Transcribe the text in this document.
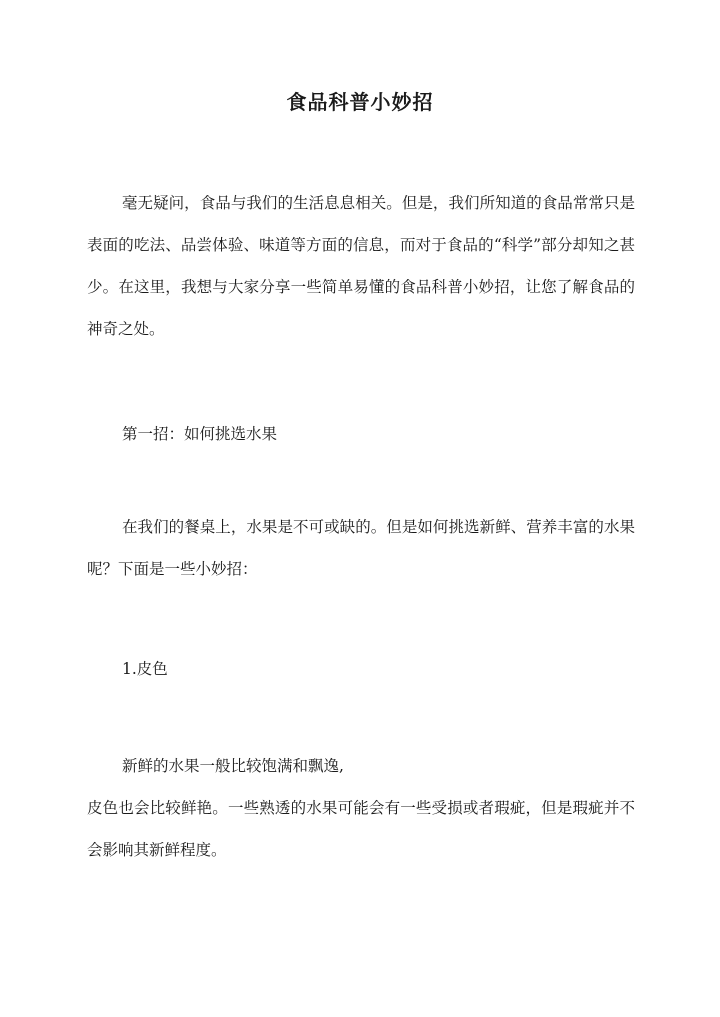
食品科普小妙招

毫无疑问，食品与我们的生活息息相关。但是，我们所知道的食品常常只是表面的吃法、品尝体验、味道等方面的信息，而对于食品的“科学”部分却知之甚少。在这里，我想与大家分享一些简单易懂的食品科普小妙招，让您了解食品的神奇之处。

第一招：如何挑选水果

在我们的餐桌上，水果是不可或缺的。但是如何挑选新鲜、营养丰富的水果呢？下面是一些小妙招：

1.皮色

新鲜的水果一般比较饱满和飘逸,

皮色也会比较鲜艳。一些熟透的水果可能会有一些受损或者瑕疵，但是瑕疵并不会影响其新鲜程度。
